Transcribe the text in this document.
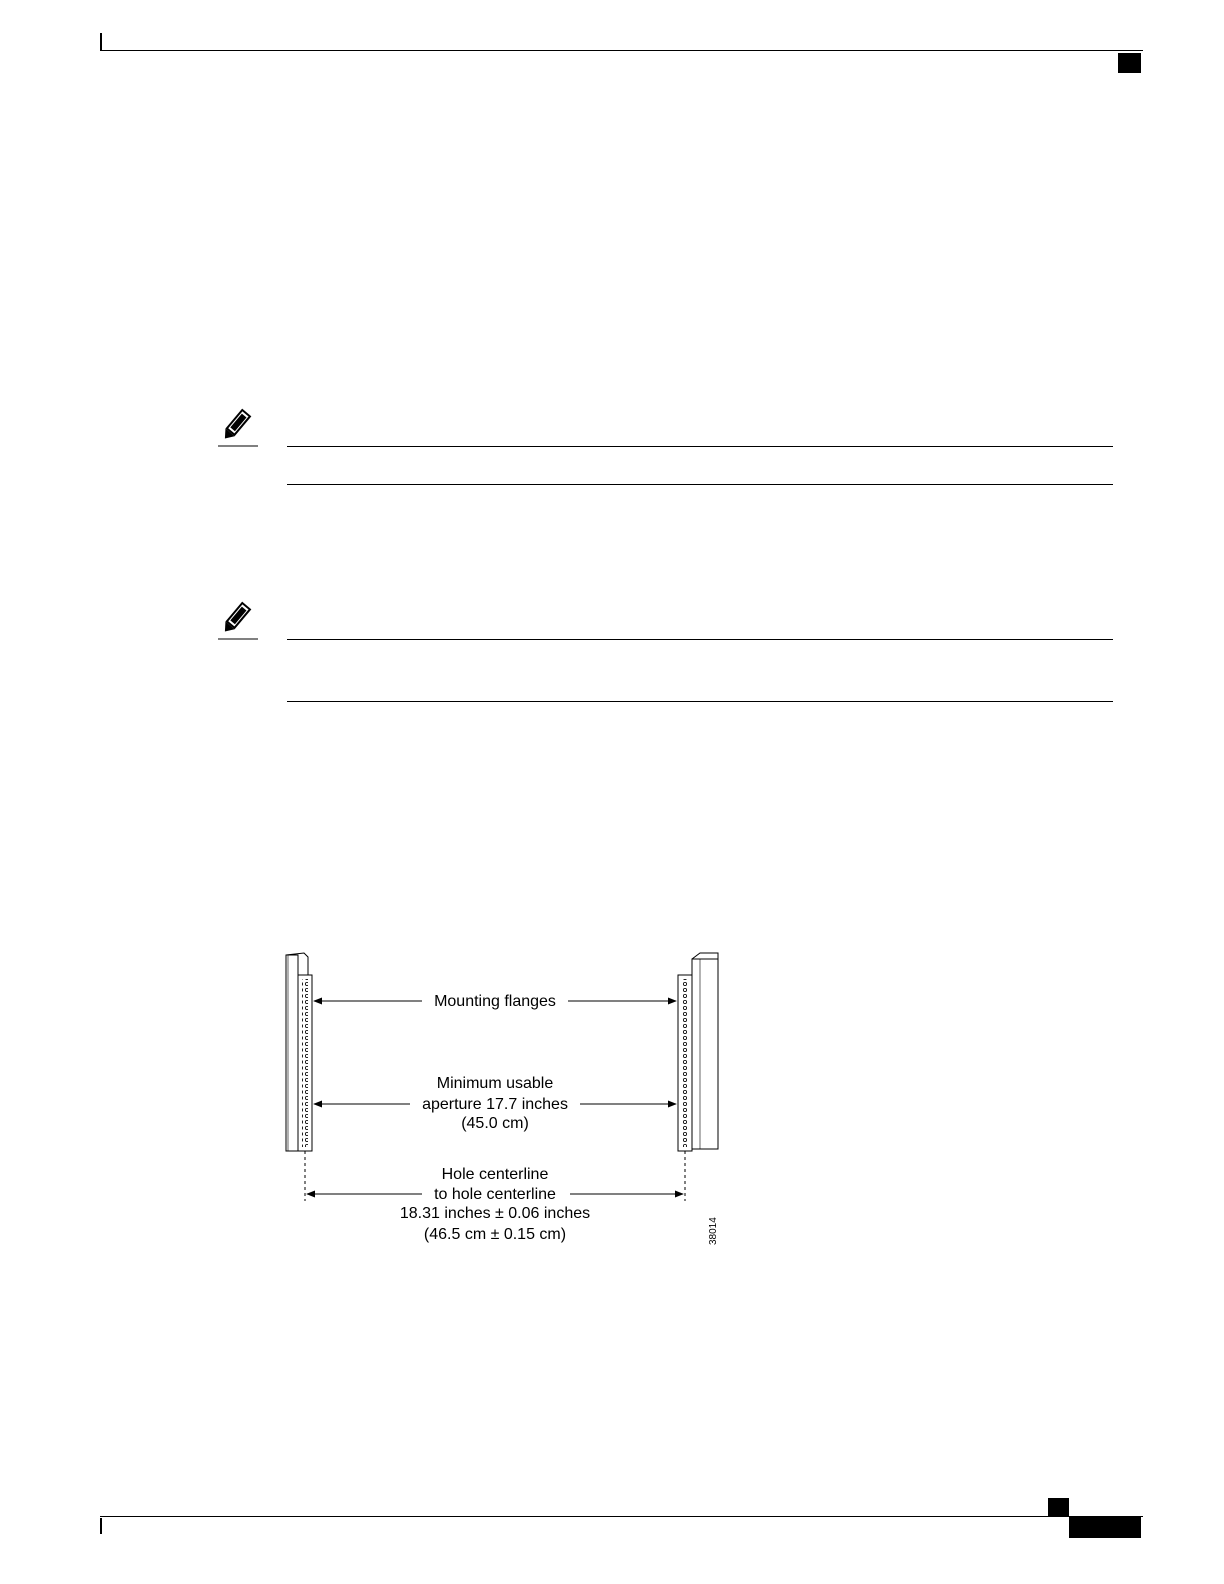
Mounting flanges
Minimum usable
aperture 17.7 inches
(45.0 cm)
Hole centerline
to hole centerline
18.31 inches ± 0.06 inches
(46.5 cm ± 0.15 cm)	38014
